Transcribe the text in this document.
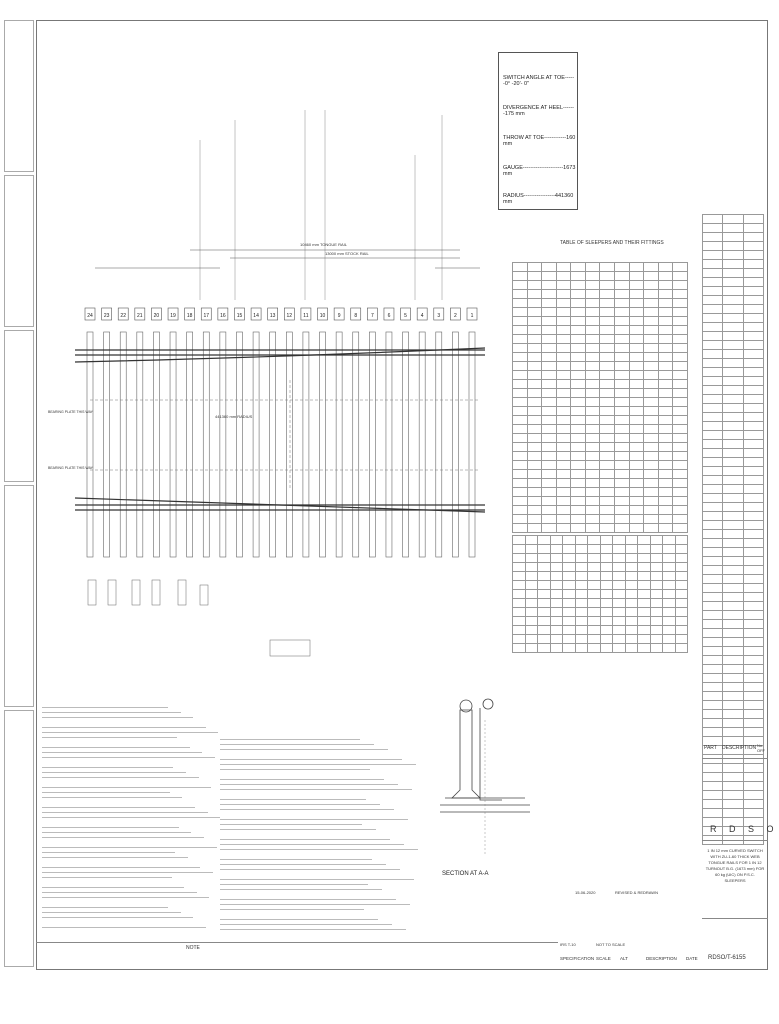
SWITCH ANGLE AT TOE------0° -20'- 0"
DIVERGENCE AT HEEL-------175 mm
THROW AT TOE------------160 mm
GAUGE----------------------1673 mm
RADIUS-----------------441360 mm
10460 mm TONGUE RAIL
13000 mm STOCK RAIL
24 23 22 21 20 19 18 17 16 15 14 13 12 11 10 9	8	7	6	5	4	3	2	1
441360 mm RADIUS
BEARING PLATE THIS WAY
BEARING PLATE THIS WAY
TABLE OF SLEEPERS AND THEIR FITTINGS

NOTE
SECTION AT A-A
PART DESCRIPTION No. OFF
R D S O
1 IN 12 mm CURVED SWITCH WITH ZU-1-60 THICK WEB TONGUE RAILS FOR 1 IN 12 TURNOUT B.G. (1673 mm) FOR 60 kg (UIC) ON P.S.C. SLEEPERS
RDSO/T-6155
REVISED & REDRAWN
15-06-2020
IRS T-10	NOT TO SCALE
SPECIFICATION SCALE ALT	DESCRIPTION DATE
